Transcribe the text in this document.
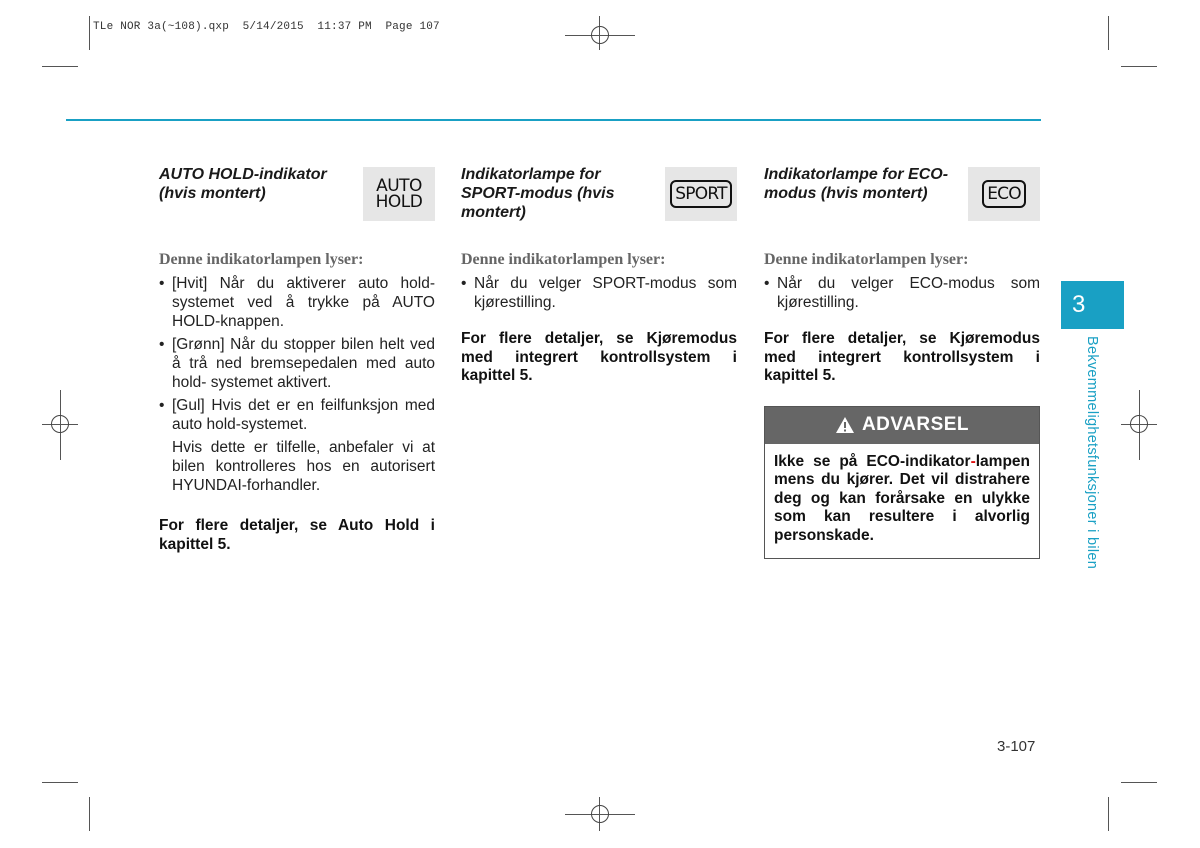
TLe NOR 3a(~108).qxp  5/14/2015  11:37 PM  Page 107
AUTO HOLD-indikator (hvis montert)	AUTO
HOLD
Denne indikatorlampen lyser:
• [Hvit] Når du aktiverer auto hold-systemet ved å trykke på AUTO HOLD-knappen.
• [Grønn] Når du stopper bilen helt ved å trå ned bremsepedalen med auto hold- systemet aktivert.
• [Gul] Hvis det er en feilfunksjon med auto hold-systemet.

Hvis dette er tilfelle, anbefaler vi at bilen kontrolleres hos en autorisert HYUNDAI-forhandler.

For flere detaljer, se Auto Hold i kapittel 5.

Indikatorlampe for SPORT-modus (hvis montert)
SPORT
Denne indikatorlampen lyser:
• Når du velger SPORT-modus som kjørestilling.

For flere detaljer, se Kjøremodus med integrert kontrollsystem i kapittel 5.

Indikatorlampe for ECO-modus (hvis montert)	ECO
Denne indikatorlampen lyser:
• Når du velger ECO-modus som kjørestilling.

For flere detaljer, se Kjøremodus med integrert kontrollsystem i kapittel 5.

ADVARSEL
Ikke se på ECO-indikator-lampen mens du kjører. Det vil distrahere deg og kan forårsake en ulykke som kan resultere i alvorlig personskade.
3
Bekvemmelighetsfunksjoner i bilen
3-107
